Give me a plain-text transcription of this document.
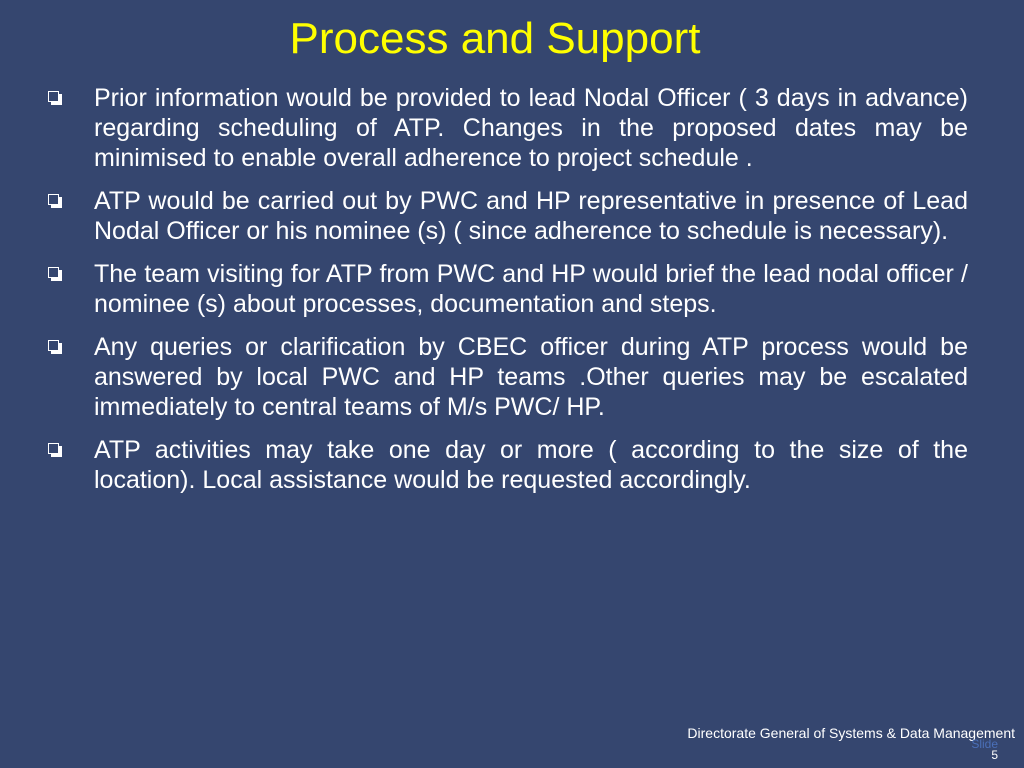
Process and Support
Prior information would be provided to lead Nodal Officer ( 3 days in advance) regarding scheduling of ATP. Changes in the proposed dates may be minimised to enable overall adherence to project schedule .
ATP would be carried out by PWC and HP representative in presence of Lead Nodal Officer or his nominee (s) ( since adherence to schedule is necessary).
The team visiting for ATP from PWC and HP would brief the lead nodal officer / nominee (s) about processes, documentation and steps.
Any queries or clarification by CBEC officer during ATP process would be answered by local PWC and HP teams .Other queries may be escalated immediately to central teams of M/s PWC/ HP.
ATP activities may take one day or more ( according to the size of the location). Local assistance would be requested accordingly.
Directorate General of Systems & Data Management
Slide
5
